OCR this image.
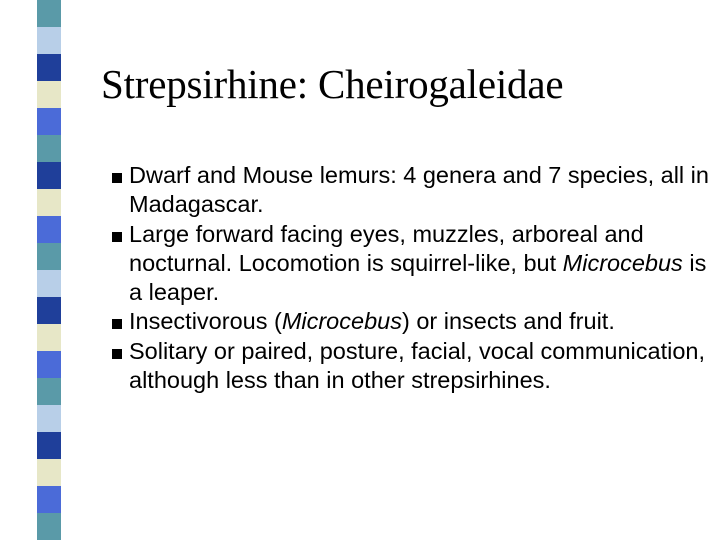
Strepsirhine: Cheirogaleidae
Dwarf and Mouse lemurs: 4 genera and 7 species, all in Madagascar.
Large forward facing eyes, muzzles, arboreal and nocturnal. Locomotion is squirrel-like, but Microcebus is a leaper.
Insectivorous (Microcebus) or insects and fruit.
Solitary or paired, posture, facial, vocal communication, although less than in other strepsirhines.
